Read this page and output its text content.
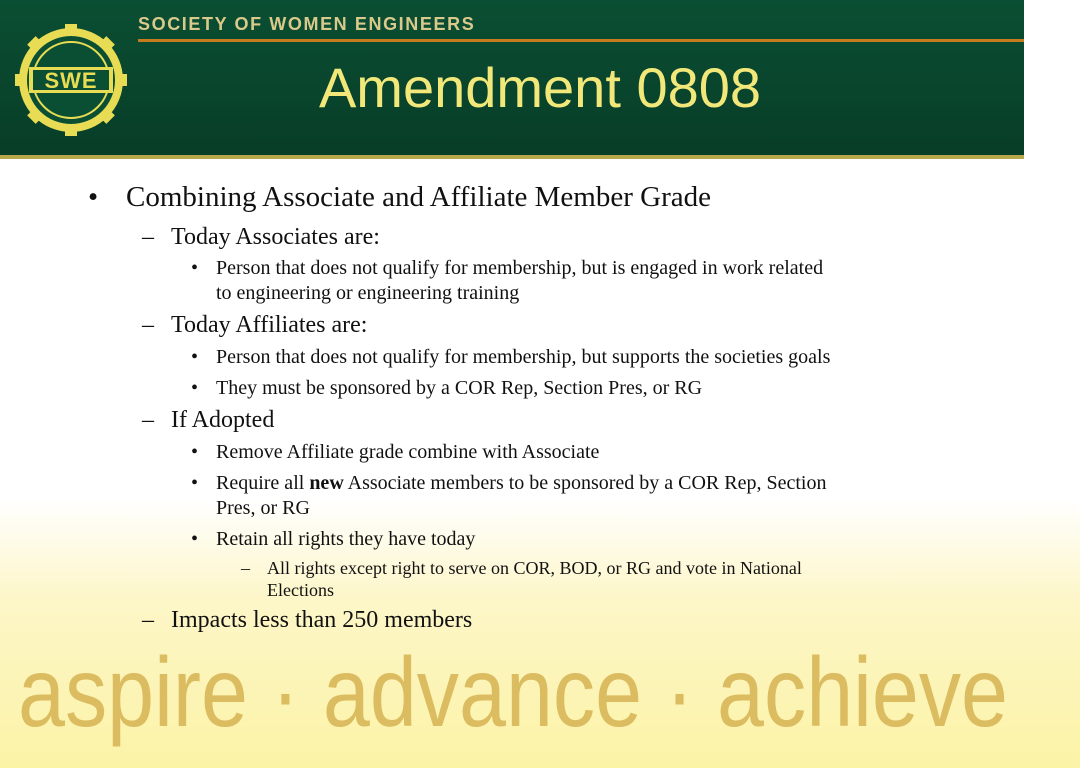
SWE
SOCIETY OF WOMEN ENGINEERS
Amendment 0808
• Combining Associate and Affiliate Member Grade
– Today Associates are:
• Person that does not qualify for membership, but is engaged in work related
to engineering or engineering training
– Today Affiliates are:
• Person that does not qualify for membership, but supports the societies goals
• They must be sponsored by a COR Rep, Section Pres, or RG
– If Adopted
• Remove Affiliate grade combine with Associate
• Require all new Associate members to be sponsored by a COR Rep, Section
Pres, or RG
• Retain all rights they have today
– All rights except right to serve on COR, BOD, or RG and vote in National
Elections
– Impacts less than 250 members
aspire · advance · achieve
